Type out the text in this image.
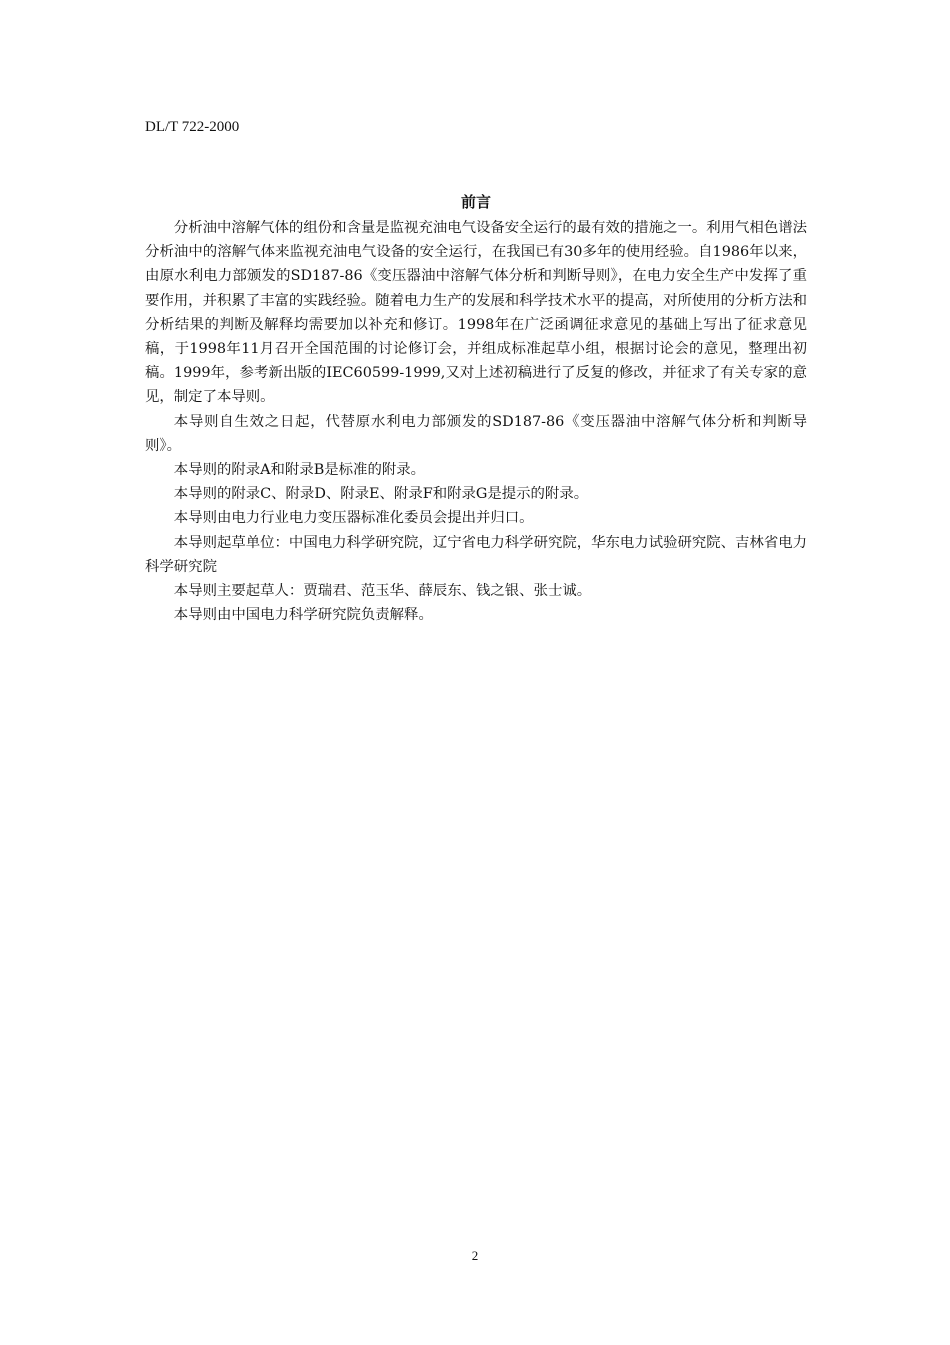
DL/T 722-2000
前言

分析油中溶解气体的组份和含量是监视充油电气设备安全运行的最有效的措施之一。利用气相色谱法分析油中的溶解气体来监视充油电气设备的安全运行，在我国已有30多年的使用经验。自1986年以来，由原水利电力部颁发的SD187-86《变压器油中溶解气体分析和判断导则》，在电力安全生产中发挥了重要作用，并积累了丰富的实践经验。随着电力生产的发展和科学技术水平的提高，对所使用的分析方法和分析结果的判断及解释均需要加以补充和修订。1998年在广泛函调征求意见的基础上写出了征求意见稿，于1998年11月召开全国范围的讨论修订会，并组成标准起草小组，根据讨论会的意见，整理出初稿。1999年，参考新出版的IEC60599-1999,又对上述初稿进行了反复的修改，并征求了有关专家的意见，制定了本导则。

本导则自生效之日起，代替原水利电力部颁发的SD187-86《变压器油中溶解气体分析和判断导则》。

本导则的附录A和附录B是标准的附录。

本导则的附录C、附录D、附录E、附录F和附录G是提示的附录。

本导则由电力行业电力变压器标准化委员会提出并归口。

本导则起草单位：中国电力科学研究院，辽宁省电力科学研究院，华东电力试验研究院、吉林省电力科学研究院

本导则主要起草人：贾瑞君、范玉华、薛辰东、钱之银、张士诚。

本导则由中国电力科学研究院负责解释。

2
